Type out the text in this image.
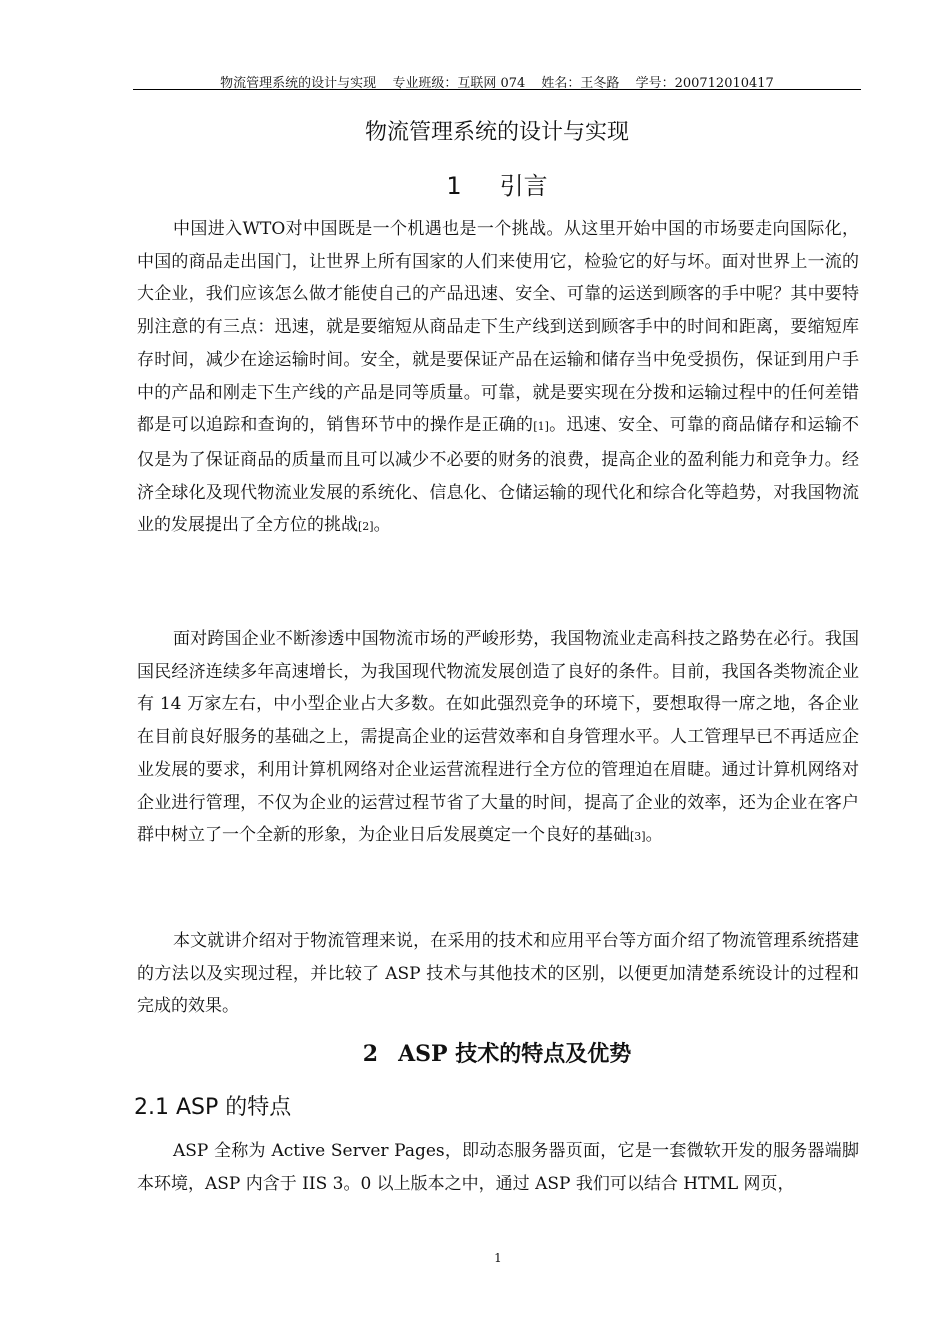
物流管理系统的设计与实现 专业班级：互联网 074 姓名：王冬路 学号：200712010417
物流管理系统的设计与实现
1 引言

中国进入WTO对中国既是一个机遇也是一个挑战。从这里开始中国的市场要走向国际化，中国的商品走出国门，让世界上所有国家的人们来使用它，检验它的好与坏。面对世界上一流的大企业，我们应该怎么做才能使自己的产品迅速、安全、可靠的运送到顾客的手中呢？其中要特别注意的有三点：迅速，就是要缩短从商品走下生产线到送到顾客手中的时间和距离，要缩短库存时间，减少在途运输时间。安全，就是要保证产品在运输和储存当中免受损伤，保证到用户手中的产品和刚走下生产线的产品是同等质量。可靠，就是要实现在分拨和运输过程中的任何差错都是可以追踪和查询的，销售环节中的操作是正确的[1]。迅速、安全、可靠的商品储存和运输不仅是为了保证商品的质量而且可以减少不必要的财务的浪费，提高企业的盈利能力和竞争力。经济全球化及现代物流业发展的系统化、信息化、仓储运输的现代化和综合化等趋势，对我国物流业的发展提出了全方位的挑战[2]。

面对跨国企业不断渗透中国物流市场的严峻形势，我国物流业走高科技之路势在必行。我国国民经济连续多年高速增长，为我国现代物流发展创造了良好的条件。目前，我国各类物流企业有 14 万家左右，中小型企业占大多数。在如此强烈竞争的环境下，要想取得一席之地，各企业在目前良好服务的基础之上，需提高企业的运营效率和自身管理水平。人工管理早已不再适应企业发展的要求，利用计算机网络对企业运营流程进行全方位的管理迫在眉睫。通过计算机网络对企业进行管理，不仅为企业的运营过程节省了大量的时间，提高了企业的效率，还为企业在客户群中树立了一个全新的形象，为企业日后发展奠定一个良好的基础[3]。

本文就讲介绍对于物流管理来说，在采用的技术和应用平台等方面介绍了物流管理系统搭建的方法以及实现过程，并比较了 ASP 技术与其他技术的区别，以便更加清楚系统设计的过程和完成的效果。

2 ASP 技术的特点及优势
2.1 ASP 的特点

ASP 全称为 Active Server Pages，即动态服务器页面，它是一套微软开发的服务器端脚本环境，ASP 内含于 IIS 3。0 以上版本之中，通过 ASP 我们可以结合 HTML 网页，

1
